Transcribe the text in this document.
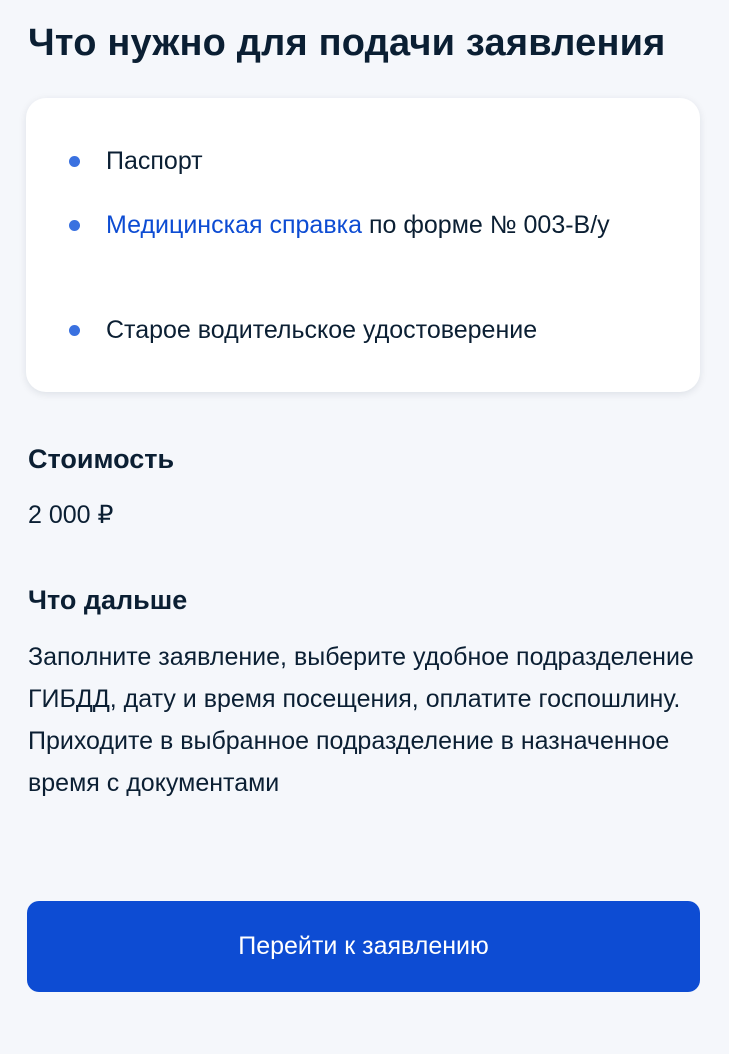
Что нужно для подачи заявления
Паспорт
Медицинская справка по форме № 003-В/у
Старое водительское удостоверение
Стоимость
2 000 ₽
Что дальше

Заполните заявление, выберите удобное подразделение ГИБДД, дату и время посещения, оплатите госпошлину. Приходите в выбранное подразделение в назначенное время с документами

Перейти к заявлению
